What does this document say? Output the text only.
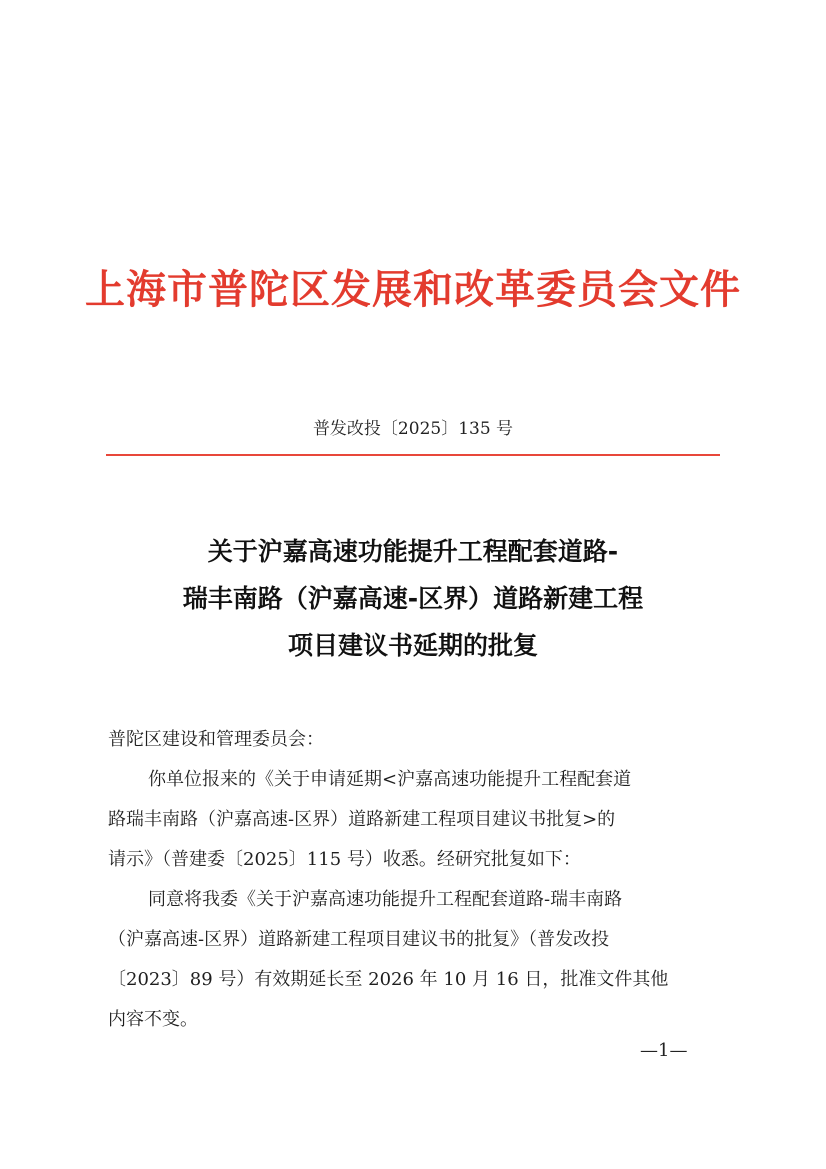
上海市普陀区发展和改革委员会文件
普发改投〔2025〕135 号
关于沪嘉高速功能提升工程配套道路-
瑞丰南路（沪嘉高速-区界）道路新建工程
项目建议书延期的批复
普陀区建设和管理委员会：
你单位报来的《关于申请延期<沪嘉高速功能提升工程配套道
路瑞丰南路（沪嘉高速-区界）道路新建工程项目建议书批复>的
请示》（普建委〔2025〕115 号）收悉。经研究批复如下：
同意将我委《关于沪嘉高速功能提升工程配套道路-瑞丰南路
（沪嘉高速-区界）道路新建工程项目建议书的批复》（普发改投
〔2023〕89 号）有效期延长至 2026 年 10 月 16 日，批准文件其他
内容不变。
—1—
